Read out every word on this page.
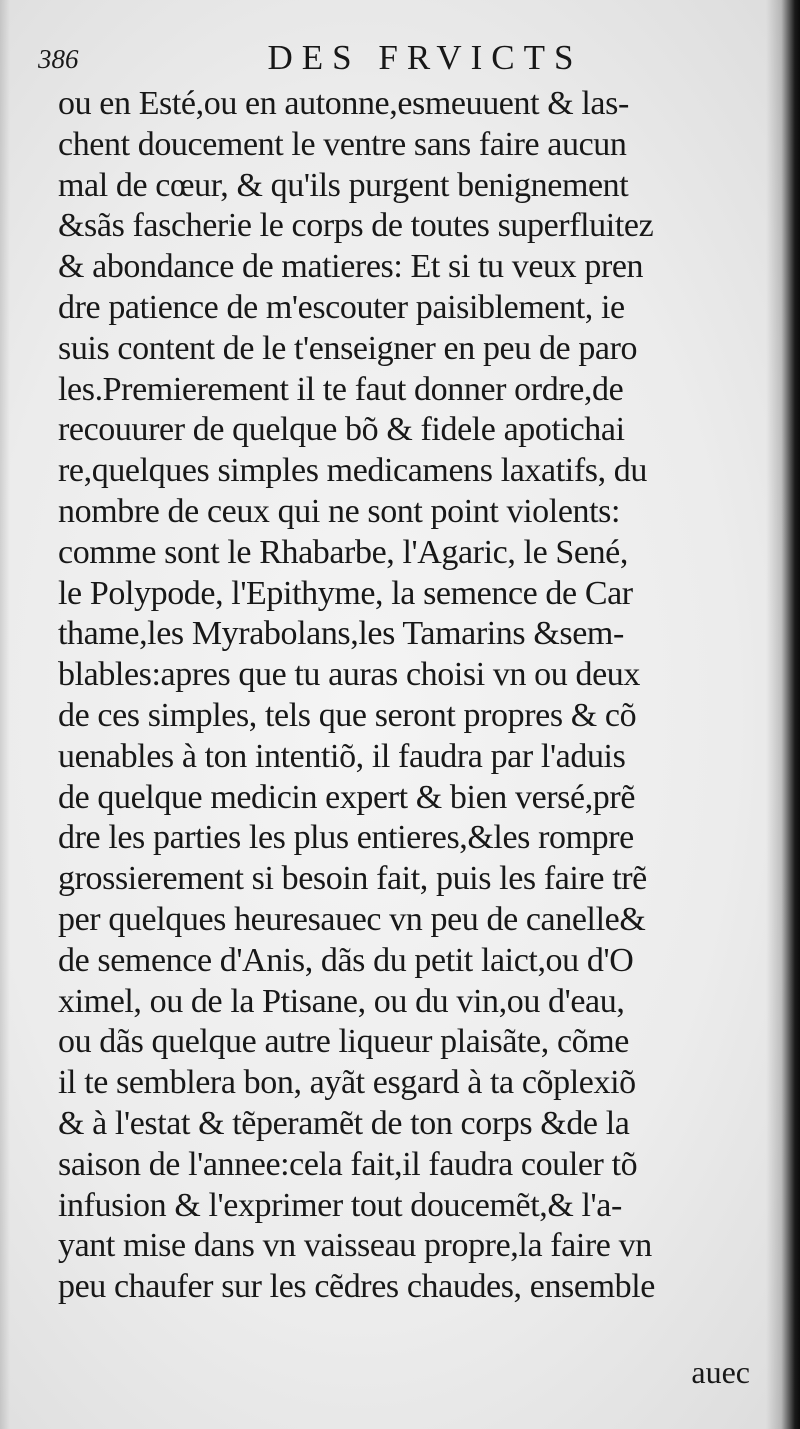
386	DES FRVICTS
ou en Esté,ou en autonne,esmeuuent & las-
chent doucement le ventre sans faire aucun
mal de cœur, & qu'ils purgent benignement
&sãs fascherie le corps de toutes superfluitez
& abondance de matieres: Et si tu veux pren
dre patience de m'escouter paisiblement, ie
suis content de le t'enseigner en peu de paro
les.Premierement il te faut donner ordre,de
recouurer de quelque bõ & fidele apotichai
re,quelques simples medicamens laxatifs, du
nombre de ceux qui ne sont point violents:
comme sont le Rhabarbe, l'Agaric, le Sené,
le Polypode, l'Epithyme, la semence de Car
thame,les Myrabolans,les Tamarins &sem-
blables:apres que tu auras choisi vn ou deux
de ces simples, tels que seront propres & cõ
uenables à ton intentiõ, il faudra par l'aduis
de quelque medicin expert & bien versé,prẽ
dre les parties les plus entieres,&les rompre
grossierement si besoin fait, puis les faire trẽ
per quelques heuresauec vn peu de canelle&
de semence d'Anis, dãs du petit laict,ou d'O
ximel, ou de la Ptisane, ou du vin,ou d'eau,
ou dãs quelque autre liqueur plaisãte, cõme
il te semblera bon, ayãt esgard à ta cõplexiõ
& à l'estat & tẽperamẽt de ton corps &de la
saison de l'annee:cela fait,il faudra couler tõ
infusion & l'exprimer tout doucemẽt,& l'a-
yant mise dans vn vaisseau propre,la faire vn
peu chaufer sur les cẽdres chaudes, ensemble
auec
